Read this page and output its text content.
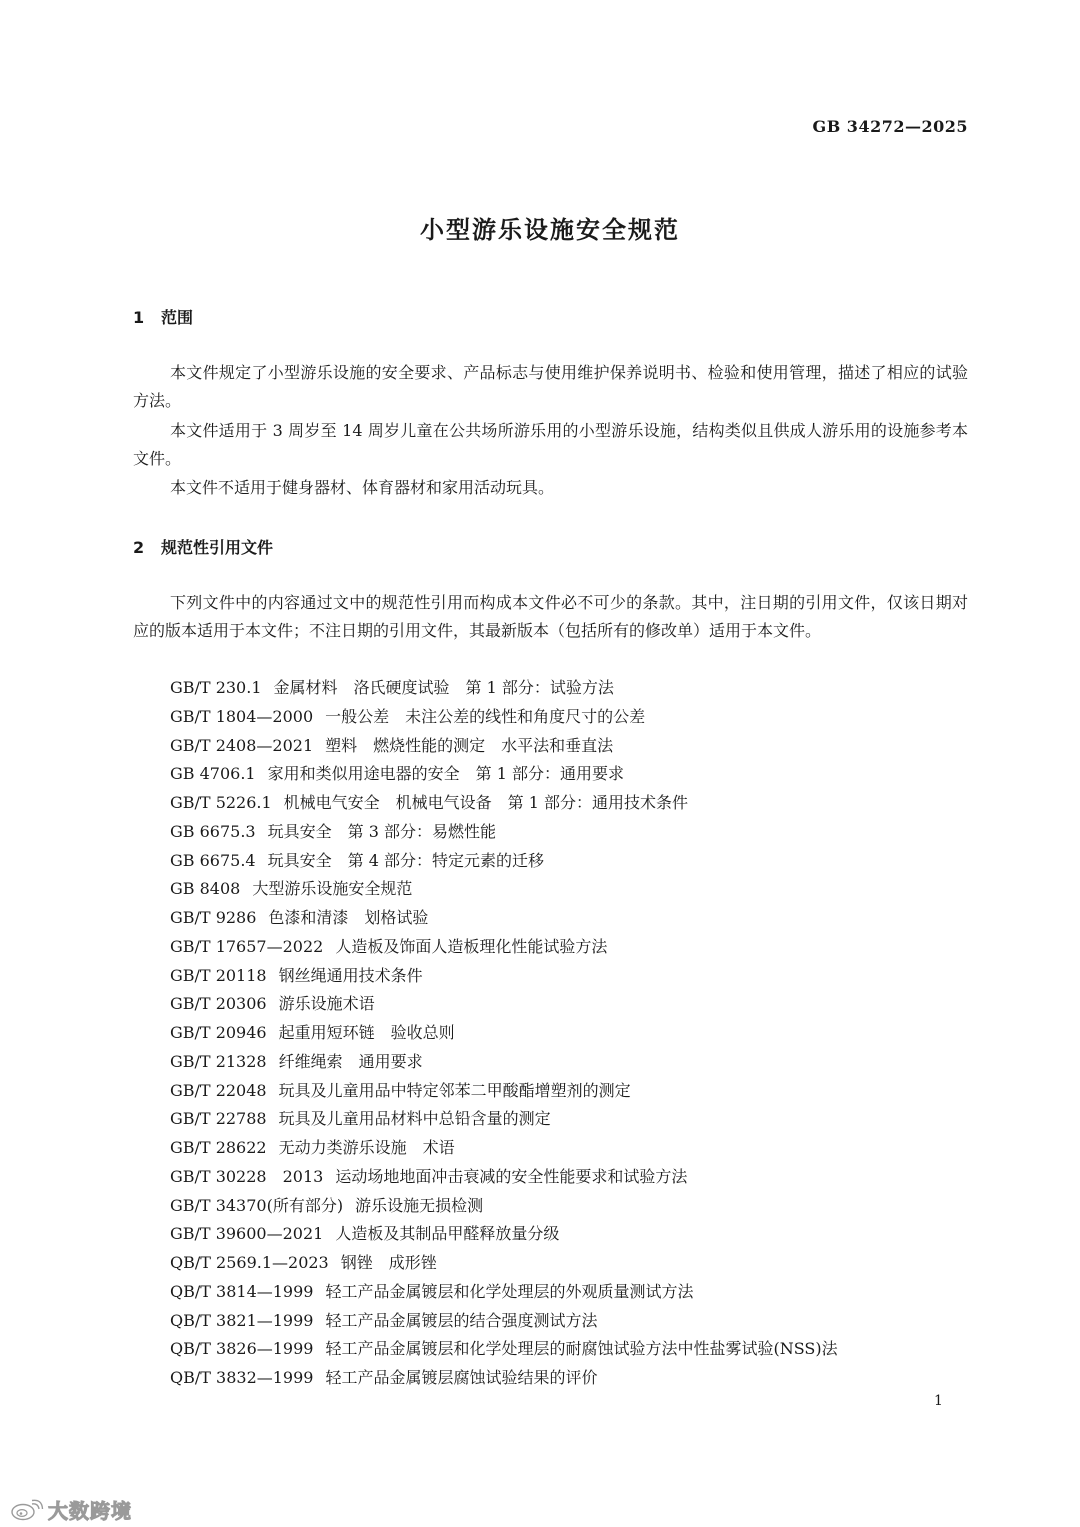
GB 34272—2025
小型游乐设施安全规范
1 范围
本文件规定了小型游乐设施的安全要求、产品标志与使用维护保养说明书、检验和使用管理，描述了相应的试验方法。
本文件适用于 3 周岁至 14 周岁儿童在公共场所游乐用的小型游乐设施，结构类似且供成人游乐用的设施参考本文件。
本文件不适用于健身器材、体育器材和家用活动玩具。
2 规范性引用文件
下列文件中的内容通过文中的规范性引用而构成本文件必不可少的条款。其中，注日期的引用文件，仅该日期对应的版本适用于本文件；不注日期的引用文件，其最新版本（包括所有的修改单）适用于本文件。
GB/T 230.1 金属材料　洛氏硬度试验　第 1 部分：试验方法
GB/T 1804—2000 一般公差　未注公差的线性和角度尺寸的公差
GB/T 2408—2021 塑料　燃烧性能的测定　水平法和垂直法
GB 4706.1 家用和类似用途电器的安全　第 1 部分：通用要求
GB/T 5226.1 机械电气安全　机械电气设备　第 1 部分：通用技术条件
GB 6675.3 玩具安全　第 3 部分：易燃性能
GB 6675.4 玩具安全　第 4 部分：特定元素的迁移
GB 8408 大型游乐设施安全规范
GB/T 9286 色漆和清漆　划格试验
GB/T 17657—2022 人造板及饰面人造板理化性能试验方法
GB/T 20118 钢丝绳通用技术条件
GB/T 20306 游乐设施术语
GB/T 20946 起重用短环链　验收总则
GB/T 21328 纤维绳索　通用要求
GB/T 22048 玩具及儿童用品中特定邻苯二甲酸酯增塑剂的测定
GB/T 22788 玩具及儿童用品材料中总铅含量的测定
GB/T 28622 无动力类游乐设施　术语
GB/T 30228　2013 运动场地地面冲击衰减的安全性能要求和试验方法
GB/T 34370(所有部分) 游乐设施无损检测
GB/T 39600—2021 人造板及其制品甲醛释放量分级
QB/T 2569.1—2023 钢锉　成形锉
QB/T 3814—1999 轻工产品金属镀层和化学处理层的外观质量测试方法
QB/T 3821—1999 轻工产品金属镀层的结合强度测试方法
QB/T 3826—1999 轻工产品金属镀层和化学处理层的耐腐蚀试验方法中性盐雾试验(NSS)法
QB/T 3832—1999 轻工产品金属镀层腐蚀试验结果的评价
1
大数跨境
